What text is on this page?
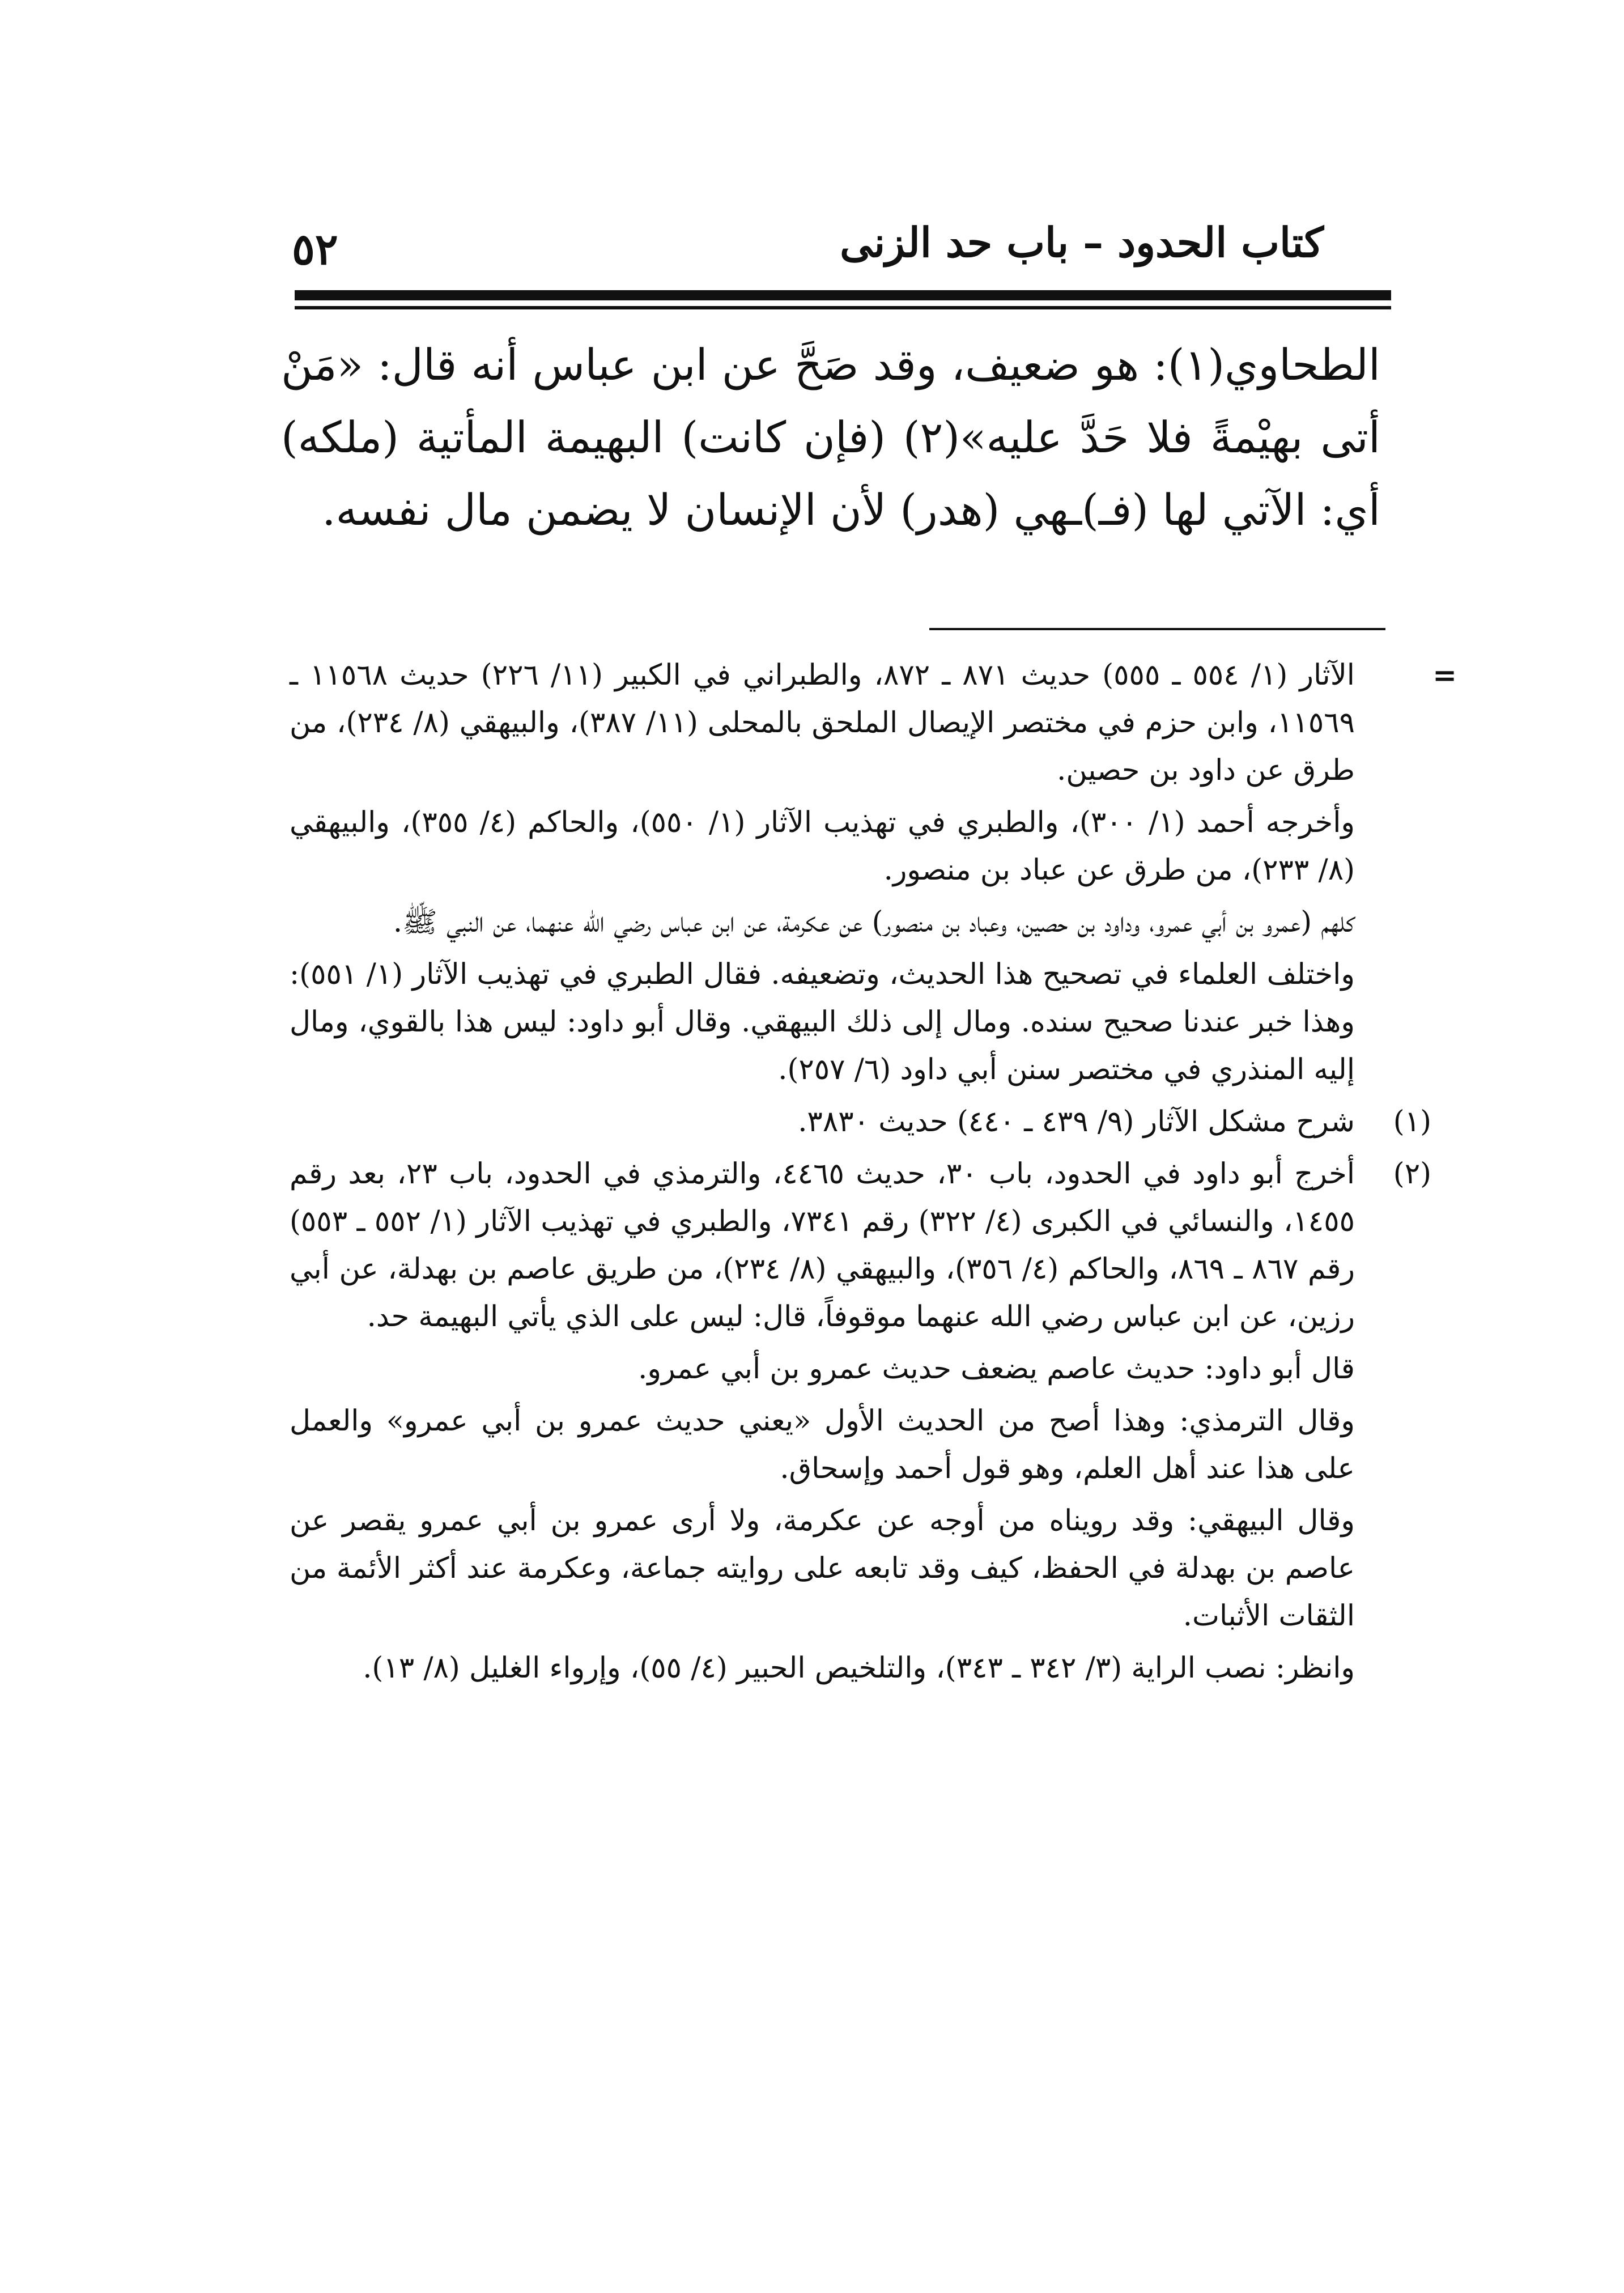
كتاب الحدود – باب حد الزنى
٥٢

الطحاوي(١): هو ضعيف، وقد صَحَّ عن ابن عباس أنه قال: «مَنْ أتى بهيْمةً فلا حَدَّ عليه»(٢) (فإن كانت) البهيمة المأتية (ملكه) أي: الآتي لها (فـ)ـهي (هدر) لأن الإنسان لا يضمن مال نفسه.

=

الآثار (١/ ٥٥٤ ـ ٥٥٥) حديث ٨٧١ ـ ٨٧٢، والطبراني في الكبير (١١/ ٢٢٦) حديث ١١٥٦٨ ـ ١١٥٦٩، وابن حزم في مختصر الإيصال الملحق بالمحلى (١١/ ٣٨٧)، والبيهقي (٨/ ٢٣٤)، من طرق عن داود بن حصين.

وأخرجه أحمد (١/ ٣٠٠)، والطبري في تهذيب الآثار (١/ ٥٥٠)، والحاكم (٤/ ٣٥٥)، والبيهقي (٨/ ٢٣٣)، من طرق عن عباد بن منصور.

كلهم (عمرو بن أبي عمرو، وداود بن حصين، وعباد بن منصور) عن عكرمة، عن ابن عباس رضي الله عنهما، عن النبي ﷺ.

واختلف العلماء في تصحيح هذا الحديث، وتضعيفه. فقال الطبري في تهذيب الآثار (١/ ٥٥١): وهذا خبر عندنا صحيح سنده. ومال إلى ذلك البيهقي. وقال أبو داود: ليس هذا بالقوي، ومال إليه المنذري في مختصر سنن أبي داود (٦/ ٢٥٧).

(١)
شرح مشكل الآثار (٩/ ٤٣٩ ـ ٤٤٠) حديث ٣٨٣٠.
(٢)
أخرج أبو داود في الحدود، باب ٣٠، حديث ٤٤٦٥، والترمذي في الحدود، باب ٢٣، بعد رقم ١٤٥٥، والنسائي في الكبرى (٤/ ٣٢٢) رقم ٧٣٤١، والطبري في تهذيب الآثار (١/ ٥٥٢ ـ ٥٥٣) رقم ٨٦٧ ـ ٨٦٩، والحاكم (٤/ ٣٥٦)، والبيهقي (٨/ ٢٣٤)، من طريق عاصم بن بهدلة، عن أبي رزين، عن ابن عباس رضي الله عنهما موقوفاً، قال: ليس على الذي يأتي البهيمة حد.

قال أبو داود: حديث عاصم يضعف حديث عمرو بن أبي عمرو.

وقال الترمذي: وهذا أصح من الحديث الأول «يعني حديث عمرو بن أبي عمرو» والعمل على هذا عند أهل العلم، وهو قول أحمد وإسحاق.

وقال البيهقي: وقد رويناه من أوجه عن عكرمة، ولا أرى عمرو بن أبي عمرو يقصر عن عاصم بن بهدلة في الحفظ، كيف وقد تابعه على روايته جماعة، وعكرمة عند أكثر الأئمة من الثقات الأثبات.

وانظر: نصب الراية (٣/ ٣٤٢ ـ ٣٤٣)، والتلخيص الحبير (٤/ ٥٥)، وإرواء الغليل (٨/ ١٣).
